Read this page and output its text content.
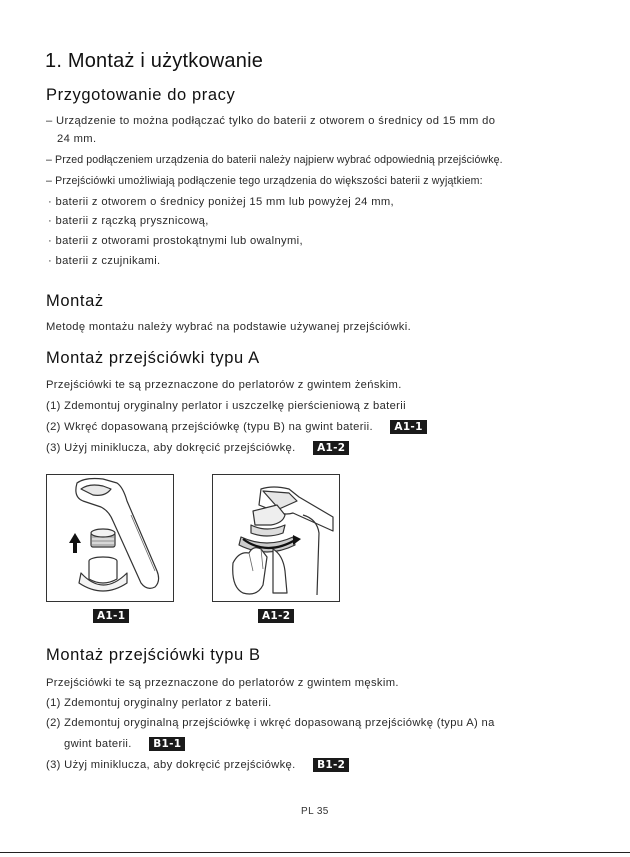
1. Montaż i użytkowanie
Przygotowanie do pracy
– Urządzenie to można podłączać tylko do baterii z otworem o średnicy od 15 mm do
24 mm.
– Przed podłączeniem urządzenia do baterii należy najpierw wybrać odpowiednią przejściówkę.
– Przejściówki umożliwiają podłączenie tego urządzenia do większości baterii z wyjątkiem:
· baterii z otworem o średnicy poniżej 15 mm lub powyżej 24 mm,
· baterii z rączką prysznicową,
· baterii z otworami prostokątnymi lub owalnymi,
· baterii z czujnikami.
Montaż
Metodę montażu należy wybrać na podstawie używanej przejściówki.
Montaż przejściówki typu A
Przejściówki te są przeznaczone do perlatorów z gwintem żeńskim.
(1) Zdemontuj oryginalny perlator i uszczelkę pierścieniową z baterii
(2) Wkręć dopasowaną przejściówkę (typu B) na gwint baterii. A1-1
(3) Użyj miniklucza, aby dokręcić przejściówkę. A1-2
A1-1	A1-2
Montaż przejściówki typu B
Przejściówki te są przeznaczone do perlatorów z gwintem męskim.
(1) Zdemontuj oryginalny perlator z baterii.
(2) Zdemontuj oryginalną przejściówkę i wkręć dopasowaną przejściówkę (typu A) na
gwint baterii. B1-1
(3) Użyj miniklucza, aby dokręcić przejściówkę. B1-2
PL 35
